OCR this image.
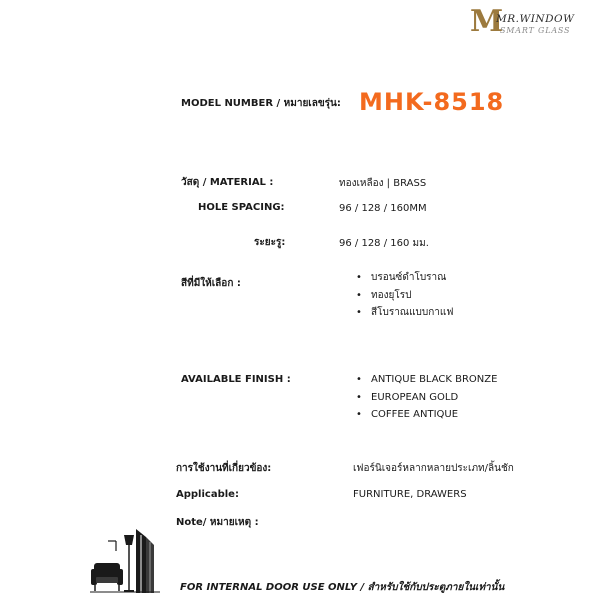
M
MR.WINDOW
SMART GLASS
MODEL NUMBER / หมายเลขรุ่น: MHK-8518
วัสดุ / MATERIAL :	ทองเหลือง | BRASS
HOLE SPACING:	96 / 128 / 160MM
ระยะรู:	96 / 128 / 160 มม.
สีที่มีให้เลือก :
• บรอนซ์ดำโบราณ
• ทองยุโรป
• สีโบราณแบบกาแฟ
AVAILABLE FINISH :	• ANTIQUE BLACK BRONZE
• EUROPEAN GOLD
• COFFEE ANTIQUE
การใช้งานที่เกี่ยวข้อง:	เฟอร์นิเจอร์หลากหลายประเภท/ลิ้นชัก
Applicable:	FURNITURE, DRAWERS
Note/ หมายเหตุ :
FOR INTERNAL DOOR USE ONLY / สำหรับใช้กับประตูภายในเท่านั้น
